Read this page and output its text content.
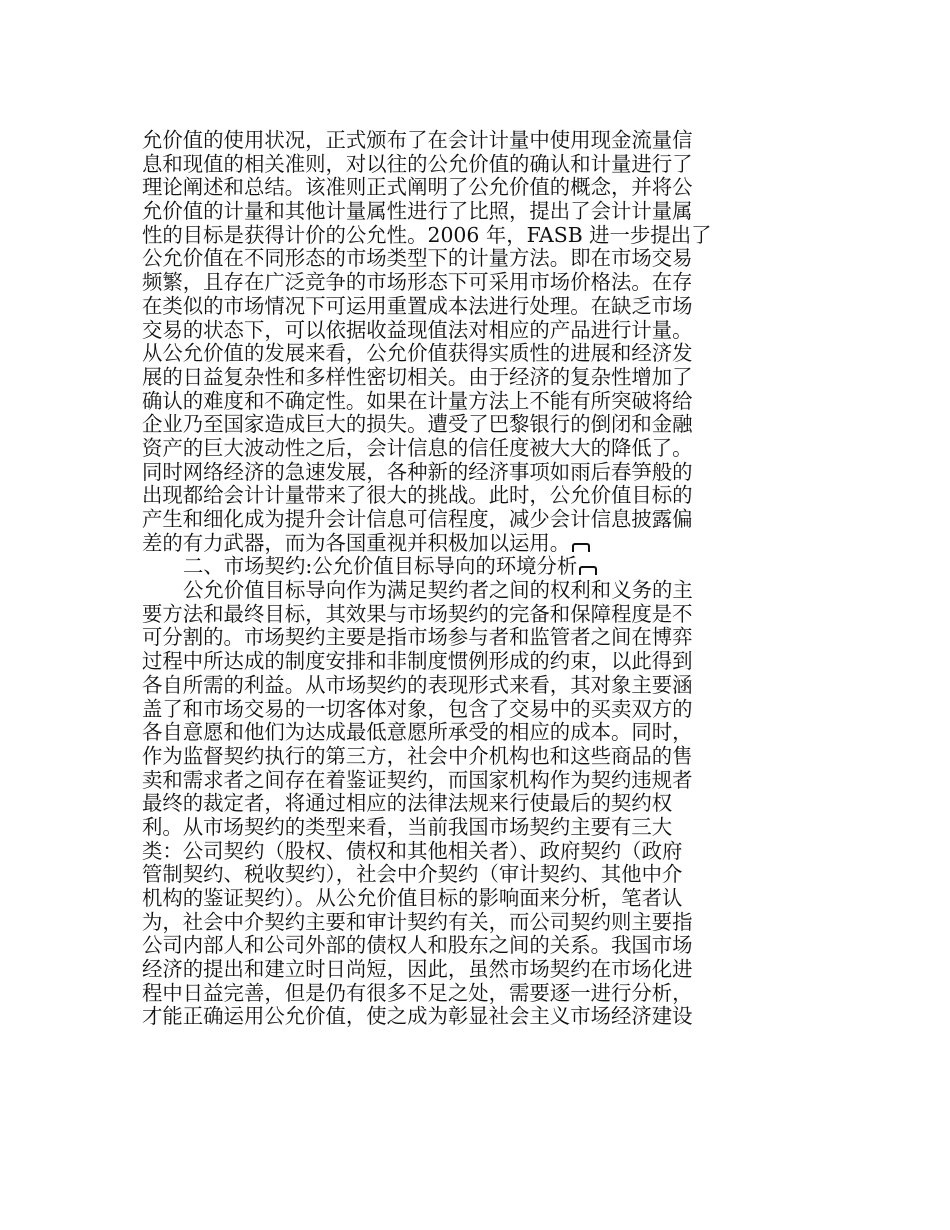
允价值的使用状况，正式颁布了在会计计量中使用现金流量信
息和现值的相关准则，对以往的公允价值的确认和计量进行了
理论阐述和总结。该准则正式阐明了公允价值的概念，并将公
允价值的计量和其他计量属性进行了比照，提出了会计计量属
性的目标是获得计价的公允性。2006 年，FASB 进一步提出了
公允价值在不同形态的市场类型下的计量方法。即在市场交易
频繁，且存在广泛竞争的市场形态下可采用市场价格法。在存
在类似的市场情况下可运用重置成本法进行处理。在缺乏市场
交易的状态下，可以依据收益现值法对相应的产品进行计量。
从公允价值的发展来看，公允价值获得实质性的进展和经济发
展的日益复杂性和多样性密切相关。由于经济的复杂性增加了
确认的难度和不确定性。如果在计量方法上不能有所突破将给
企业乃至国家造成巨大的损失。遭受了巴黎银行的倒闭和金融
资产的巨大波动性之后，会计信息的信任度被大大的降低了。
同时网络经济的急速发展，各种新的经济事项如雨后春笋般的
出现都给会计计量带来了很大的挑战。此时，公允价值目标的
产生和细化成为提升会计信息可信程度，减少会计信息披露偏
差的有力武器，而为各国重视并积极加以运用。
二、市场契约:公允价值目标导向的环境分析
公允价值目标导向作为满足契约者之间的权利和义务的主
要方法和最终目标，其效果与市场契约的完备和保障程度是不
可分割的。市场契约主要是指市场参与者和监管者之间在博弈
过程中所达成的制度安排和非制度惯例形成的约束，以此得到
各自所需的利益。从市场契约的表现形式来看，其对象主要涵
盖了和市场交易的一切客体对象，包含了交易中的买卖双方的
各自意愿和他们为达成最低意愿所承受的相应的成本。同时，
作为监督契约执行的第三方，社会中介机构也和这些商品的售
卖和需求者之间存在着鉴证契约，而国家机构作为契约违规者
最终的裁定者，将通过相应的法律法规来行使最后的契约权
利。从市场契约的类型来看，当前我国市场契约主要有三大
类：公司契约（股权、债权和其他相关者）、政府契约（政府
管制契约、税收契约），社会中介契约（审计契约、其他中介
机构的鉴证契约）。从公允价值目标的影响面来分析，笔者认
为，社会中介契约主要和审计契约有关，而公司契约则主要指
公司内部人和公司外部的债权人和股东之间的关系。我国市场
经济的提出和建立时日尚短，因此，虽然市场契约在市场化进
程中日益完善，但是仍有很多不足之处，需要逐一进行分析，
才能正确运用公允价值，使之成为彰显社会主义市场经济建设
